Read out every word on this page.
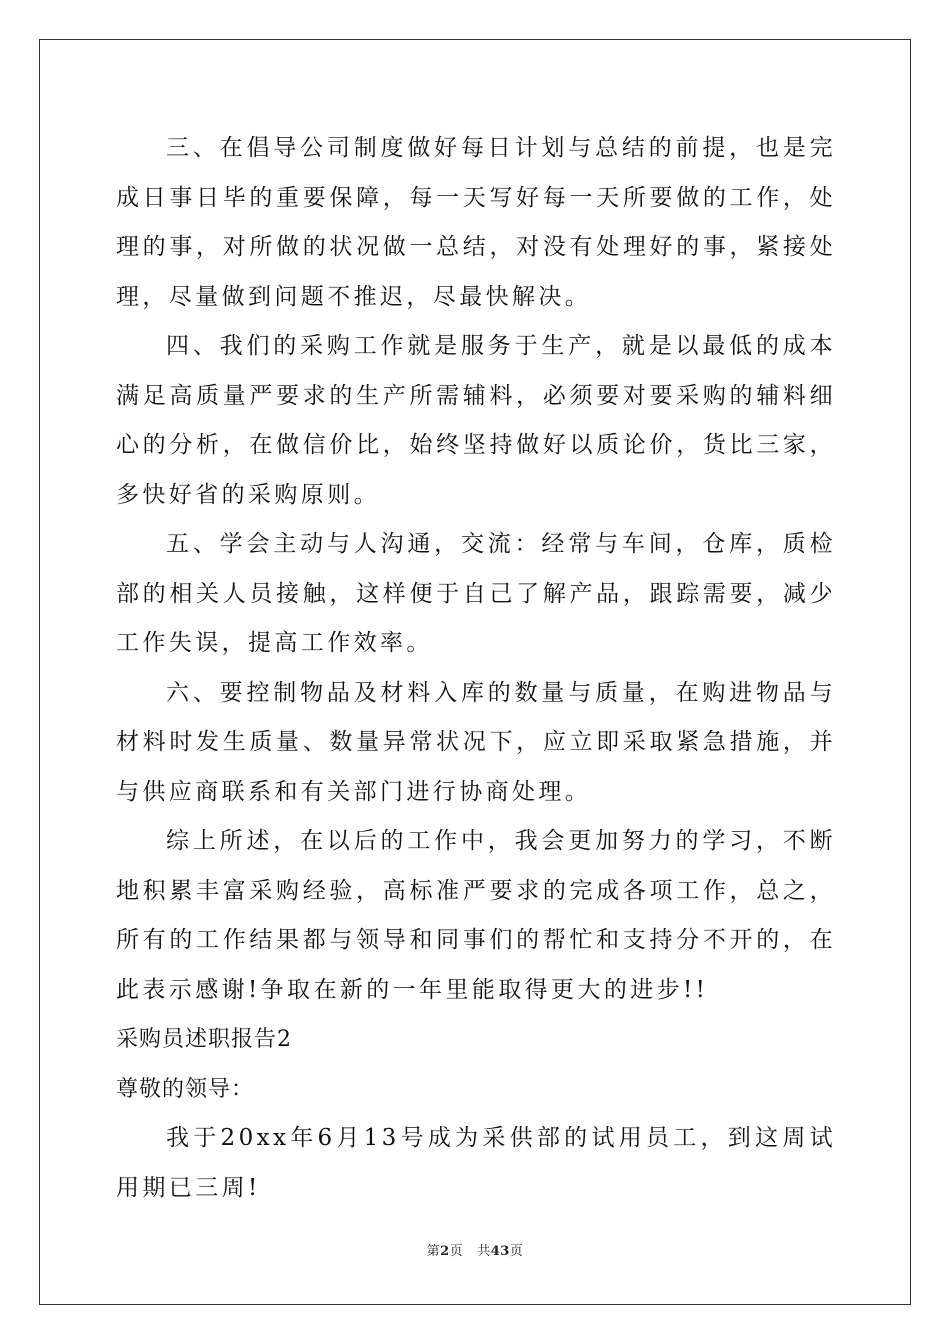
三、在倡导公司制度做好每日计划与总结的前提，也是完成日事日毕的重要保障，每一天写好每一天所要做的工作，处理的事，对所做的状况做一总结，对没有处理好的事，紧接处理，尽量做到问题不推迟，尽最快解决。

四、我们的采购工作就是服务于生产，就是以最低的成本满足高质量严要求的生产所需辅料，必须要对要采购的辅料细心的分析，在做信价比，始终坚持做好以质论价，货比三家，多快好省的采购原则。

五、学会主动与人沟通，交流：经常与车间，仓库，质检部的相关人员接触，这样便于自己了解产品，跟踪需要，减少工作失误，提高工作效率。

六、要控制物品及材料入库的数量与质量，在购进物品与材料时发生质量、数量异常状况下，应立即采取紧急措施，并与供应商联系和有关部门进行协商处理。

综上所述，在以后的工作中，我会更加努力的学习，不断地积累丰富采购经验，高标准严要求的完成各项工作，总之，所有的工作结果都与领导和同事们的帮忙和支持分不开的，在此表示感谢!争取在新的一年里能取得更大的进步!!

采购员述职报告2

尊敬的领导：

我于20xx年6月13号成为采供部的试用员工，到这周试用期已三周!

第2页 共43页
